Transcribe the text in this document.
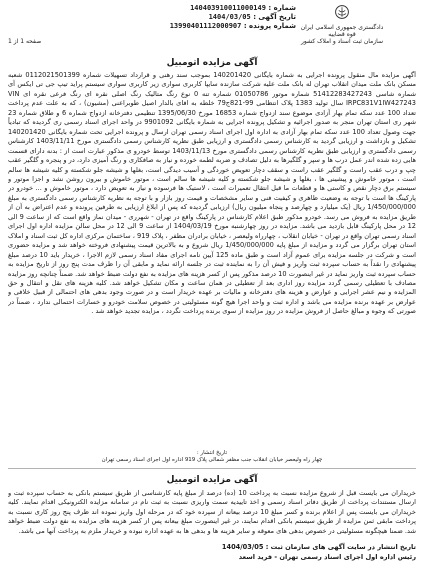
دادگستری جمهوری اسلامی ایران
قوه قضاییه
سازمان ثبت اسناد و املاک کشور
شماره : 140403910011000149
تاریخ آگهی : 1404/03/05
شماره پرونده : 13990401112000907
صفحه 1 از 1
آگهی مزایده اتومبیل
آگهی مزایده مال منقول پرونده اجرایی به شماره بایگانی 140201420 بموجب سند رهنی و قرارداد تسهیلات شماره 0112021501399 شعبه مسکن بانک ملت میدان انقلاب تهران له بانک ملت علیه شرکت سازنده سایپا کاربری سواری زیر کاربری سواری سیستم پراید تیپ جی تی ایکس آی شماره شاسی 51412283427243 شماره موتور 01050786 شماره تنه 0 نوع رنگ متالیک رنگ اصلی نقره ای رنگ فرعی نقره ای VIN IRPC831V1IW427243 سال تولید 1383 پلاک انتظامی 99-821ج79 خلطه به افای بالدار اصیل طوبراعنی (مشیون) ، که به علت عدم پرداخت تعداد 100 عدد سکه تمام بهار آزادی موضوع سند ازدواج شماره 16853 مورخ 1395/06/30 تنظیمی دفترخانه ازدواج شماره 6 و طلاق شماره 23 شهر ری استان تهران منجر به صدور اجرائیه و تشکیل پرونده اجرایی به شماره بایگانی 9901092 در واحد اجرای اسناد رسمی ری گردیده که تبادیاً جهت وصول تعداد 100 عدد سکه تمام بهار آزادی به اداره اول اجرای اسناد رسمی تهران ارسال و پرونده اجرایی تحت شماره بایگانی 140201420 تشکیل و بازداشت و ارزیابی گردید به کارشناس رسمی دادگستری و ارزیابی طبق نظریه کارشناس رسمی دادگستری مورخ 1403/11/11 کارشناس رسمی دادگستری و ارزیابی طبق نظریه کارشناس رسمی دادگستری مورخ 1403/11/13 توسط خودرو ی مذکور عبارت است از : بدنه دارای قسمت هایی زده شده اندر عمل درب ها و سپر و گلگیرها به دلیل تصادف و ضربه لطمه خورده و نیاز به صافکاری و رنگ آمیزی دارد، در و پنجره و گلگیر عقب چپ و درب عقب راست و گلگیر عقب راست و سقف دچار تعویض خوردگی و آسیب دیدگی است، بغلها و شیشه جلو شکسته و کلیه شیشه ها سالم است ، موتور خاموش و پیشینی ها ، بغلها و شیشه جلو شکسته و کلیه شیشه ها سالم است ، موتور خاموش و بیرون روشن نشد و اجزا موتور و سیستم برق دچار نقص و کاستی ها و قطعات ما قبل انتقال تعمیرات است ، لاستیک ها فرسوده و نیاز به تعویض دارد ، موتور خاموش و ... خودرو در پارکینگ ها است با توجه به وضعیت ظاهری و کیفیت فنی و سایر مشخصات و قیمت روز بازار و با توجه به نظریه کارشناس رسمی دادگستری به مبلغ 1/450/000/000 ریال (یک میلیارد و چهارصد و پنجاه میلیون ریال) ارزیابی گردیده که پس از ابلاغ ارزیابی به طرفین پرونده و عدم اعتراض به آن از طریق مزایده به فروش می رسد. خودرو مذکور طبق اعلام کارشناس در پارکینگ واقع در تهران - شهرری - میدان نماز واقع است که از ساعت 9 الی 12 در محل پارکینگ قابل بازدید می باشد. مزایده در روز چهارشنبه مورخ 1404/03/19 از ساعت 9 الی 12 در محل سالن مزایده اداره اول اجرای اسناد رسمی تهران واقع در تهران - خیابان انقلاب ، چهارراه ولیعصر ، خیابان برادران مظفر ، پلاک 919 ، ساختمان مرکزی اداره کل ثبت اسناد و املاک استان تهران برگزار می گردد و مزایده از مبلغ پایه 1/450/000/000 ریال شروع و به بالاترین قیمت پیشنهادی فروخته خواهد شد و مزایده حضوری است و شرکت در جلسه مزایده برای عموم آزاد است و طبق ماده 125 آیین نامه اجرای مفاد اسناد رسمی لازم الاجرا ، خریدار باید 10 درصد مبلغ پیشنهادی را نقداً به حساب سپرده ثبت واریز و فیش آن را به نماینده ثبت در جلسه ارائه نماید و مابقی آن را ظرف مدت پنج روز از تاریخ مزایده به حساب سپرده ثبت واریز نماید در غیر اینصورت 10 درصد مذکور پس از کسر هزینه های مزایده به نفع دولت ضبط خواهد شد. ضمناً چنانچه روز مزایده مصادف با تعطیلی رسمی گردد مزایده روز اداری بعد از تعطیلی در همان ساعت و مکان تشکیل خواهد شد. کلیه هزینه های نقل و انتقال و حق المزایده و نیم عشر اجرایی و عوارض و هزینه های دفترخانه و مالیات بر عهده خریدار است و در صورت وجود بدهی های احتمالی از قبیل خلافی و عوارض بر عهده برنده مزایده می باشد و اداره ثبت و واحد اجرا هیچ گونه مسئولیتی در خصوص سلامت خودرو و خسارات احتمالی ندارد ، ضمناً در صورتی که وجوه و مبالغ حاصل از فروش مزایده در روز مزایده از سوی برنده پرداخت نگردد ، مزایده تجدید خواهد شد .
تاریخ انتشار :
چهار راه ولیعصر خیابان انقلاب جنب مظفر شمالی پلاک 919 اداره اول اجرای اسناد رسمی تهران
آگهی مزایده اتومبیل
خریداران می بایست قبل از شروع مزایده نسبت به پرداخت 10 (ده) درصد از مبلغ پایه کارشناسی از طریق سیستم بانکی به حساب سپرده ثبت و ارسال مستندات پرداخت از طریق دفاتر اسناد رسمی و اخذ تاییدیه سمت واریزی نسبت به ثبت نام در سامانه مزایده الکترونیکی اقدام نمایند. کلیه خریداران می بایست پس از اعلام برنده و کسر مبلغ 10 درصد بیعانه از سپرده خود که در مرحله اول واریز نموده اند ظرف پنج روز کاری نسبت به پرداخت مابقی ثمن مزایده از طریق سیستم بانکی اقدام نمایند، در غیر اینصورت مبلغ بیعانه پس از کسر هزینه های مزایده به نفع دولت ضبط خواهد شد. ضمنا هیچگونه مسئولیتی در خصوص بدهی های معوقه و سایر هزینه ها و بدهی ها به عهده اداره نبوده و خریدار ملزم به پرداخت آنها می باشد.
تاریخ انتشار در سایت آگهی های سازمان ثبت : 1404/03/05
رئیس اداره اول اجرای اسناد رسمی تهران - فرید اسعد
